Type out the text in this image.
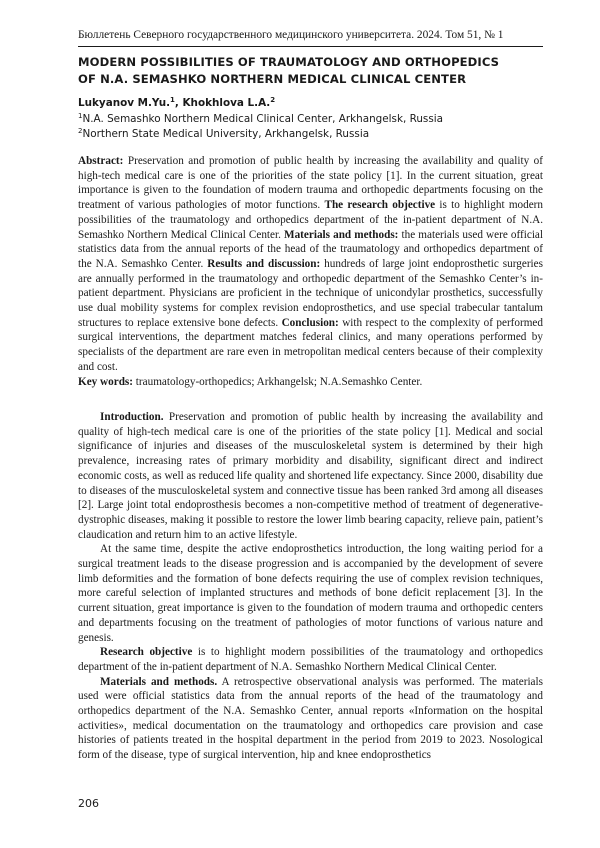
Бюллетень Северного государственного медицинского университета. 2024. Том 51, № 1
MODERN POSSIBILITIES OF TRAUMATOLOGY AND ORTHOPEDICS
OF N.A. SEMASHKO NORTHERN MEDICAL CLINICAL CENTER
Lukyanov M.Yu.$^1$, Khokhlova L.A.$^2$
$^1$N.A. Semashko Northern Medical Clinical Center, Arkhangelsk, Russia
$^2$Northern State Medical University, Arkhangelsk, Russia

Abstract: Preservation and promotion of public health by increasing the availability and quality of high-tech medical care is one of the priorities of the state policy [1]. In the current situation, great importance is given to the foundation of modern trauma and orthopedic departments focusing on the treatment of various pathologies of motor functions. The research objective is to highlight modern possibilities of the traumatology and orthopedics department of the in-patient department of N.A. Semashko Northern Medical Clinical Center. Materials and methods: the materials used were official statistics data from the annual reports of the head of the traumatology and orthopedics department of the N.A. Semashko Center. Results and discussion: hundreds of large joint endoprosthetic surgeries are annually performed in the traumatology and orthopedic department of the Semashko Center’s in-patient department. Physicians are proficient in the technique of unicondylar prosthetics, successfully use dual mobility systems for complex revision endoprosthetics, and use special trabecular tantalum structures to replace extensive bone defects. Conclusion: with respect to the complexity of performed surgical interventions, the department matches federal clinics, and many operations performed by specialists of the department are rare even in metropolitan medical centers because of their complexity and cost.

Key words: traumatology-orthopedics; Arkhangelsk; N.A.Semashko Center.

Introduction. Preservation and promotion of public health by increasing the availability and quality of high-tech medical care is one of the priorities of the state policy [1]. Medical and social significance of injuries and diseases of the musculoskeletal system is determined by their high prevalence, increasing rates of primary morbidity and disability, significant direct and indirect economic costs, as well as reduced life quality and shortened life expectancy. Since 2000, disability due to diseases of the musculoskeletal system and connective tissue has been ranked 3rd among all diseases [2]. Large joint total endoprosthesis becomes a non-competitive method of treatment of degenerative-dystrophic diseases, making it possible to restore the lower limb bearing capacity, relieve pain, patient’s claudication and return him to an active lifestyle.

At the same time, despite the active endoprosthetics introduction, the long waiting period for a surgical treatment leads to the disease progression and is accompanied by the development of severe limb deformities and the formation of bone defects requiring the use of complex revision techniques, more careful selection of implanted structures and methods of bone deficit replacement [3]. In the current situation, great importance is given to the foundation of modern trauma and orthopedic centers and departments focusing on the treatment of pathologies of motor functions of various nature and genesis.

Research objective is to highlight modern possibilities of the traumatology and orthopedics department of the in-patient department of N.A. Semashko Northern Medical Clinical Center.

Materials and methods. A retrospective observational analysis was performed. The materials used were official statistics data from the annual reports of the head of the traumatology and orthopedics department of the N.A. Semashko Center, annual reports «Information on the hospital activities», medical documentation on the traumatology and orthopedics care provision and case histories of patients treated in the hospital department in the period from 2019 to 2023. Nosological form of the disease, type of surgical intervention, hip and knee endoprosthetics

206
